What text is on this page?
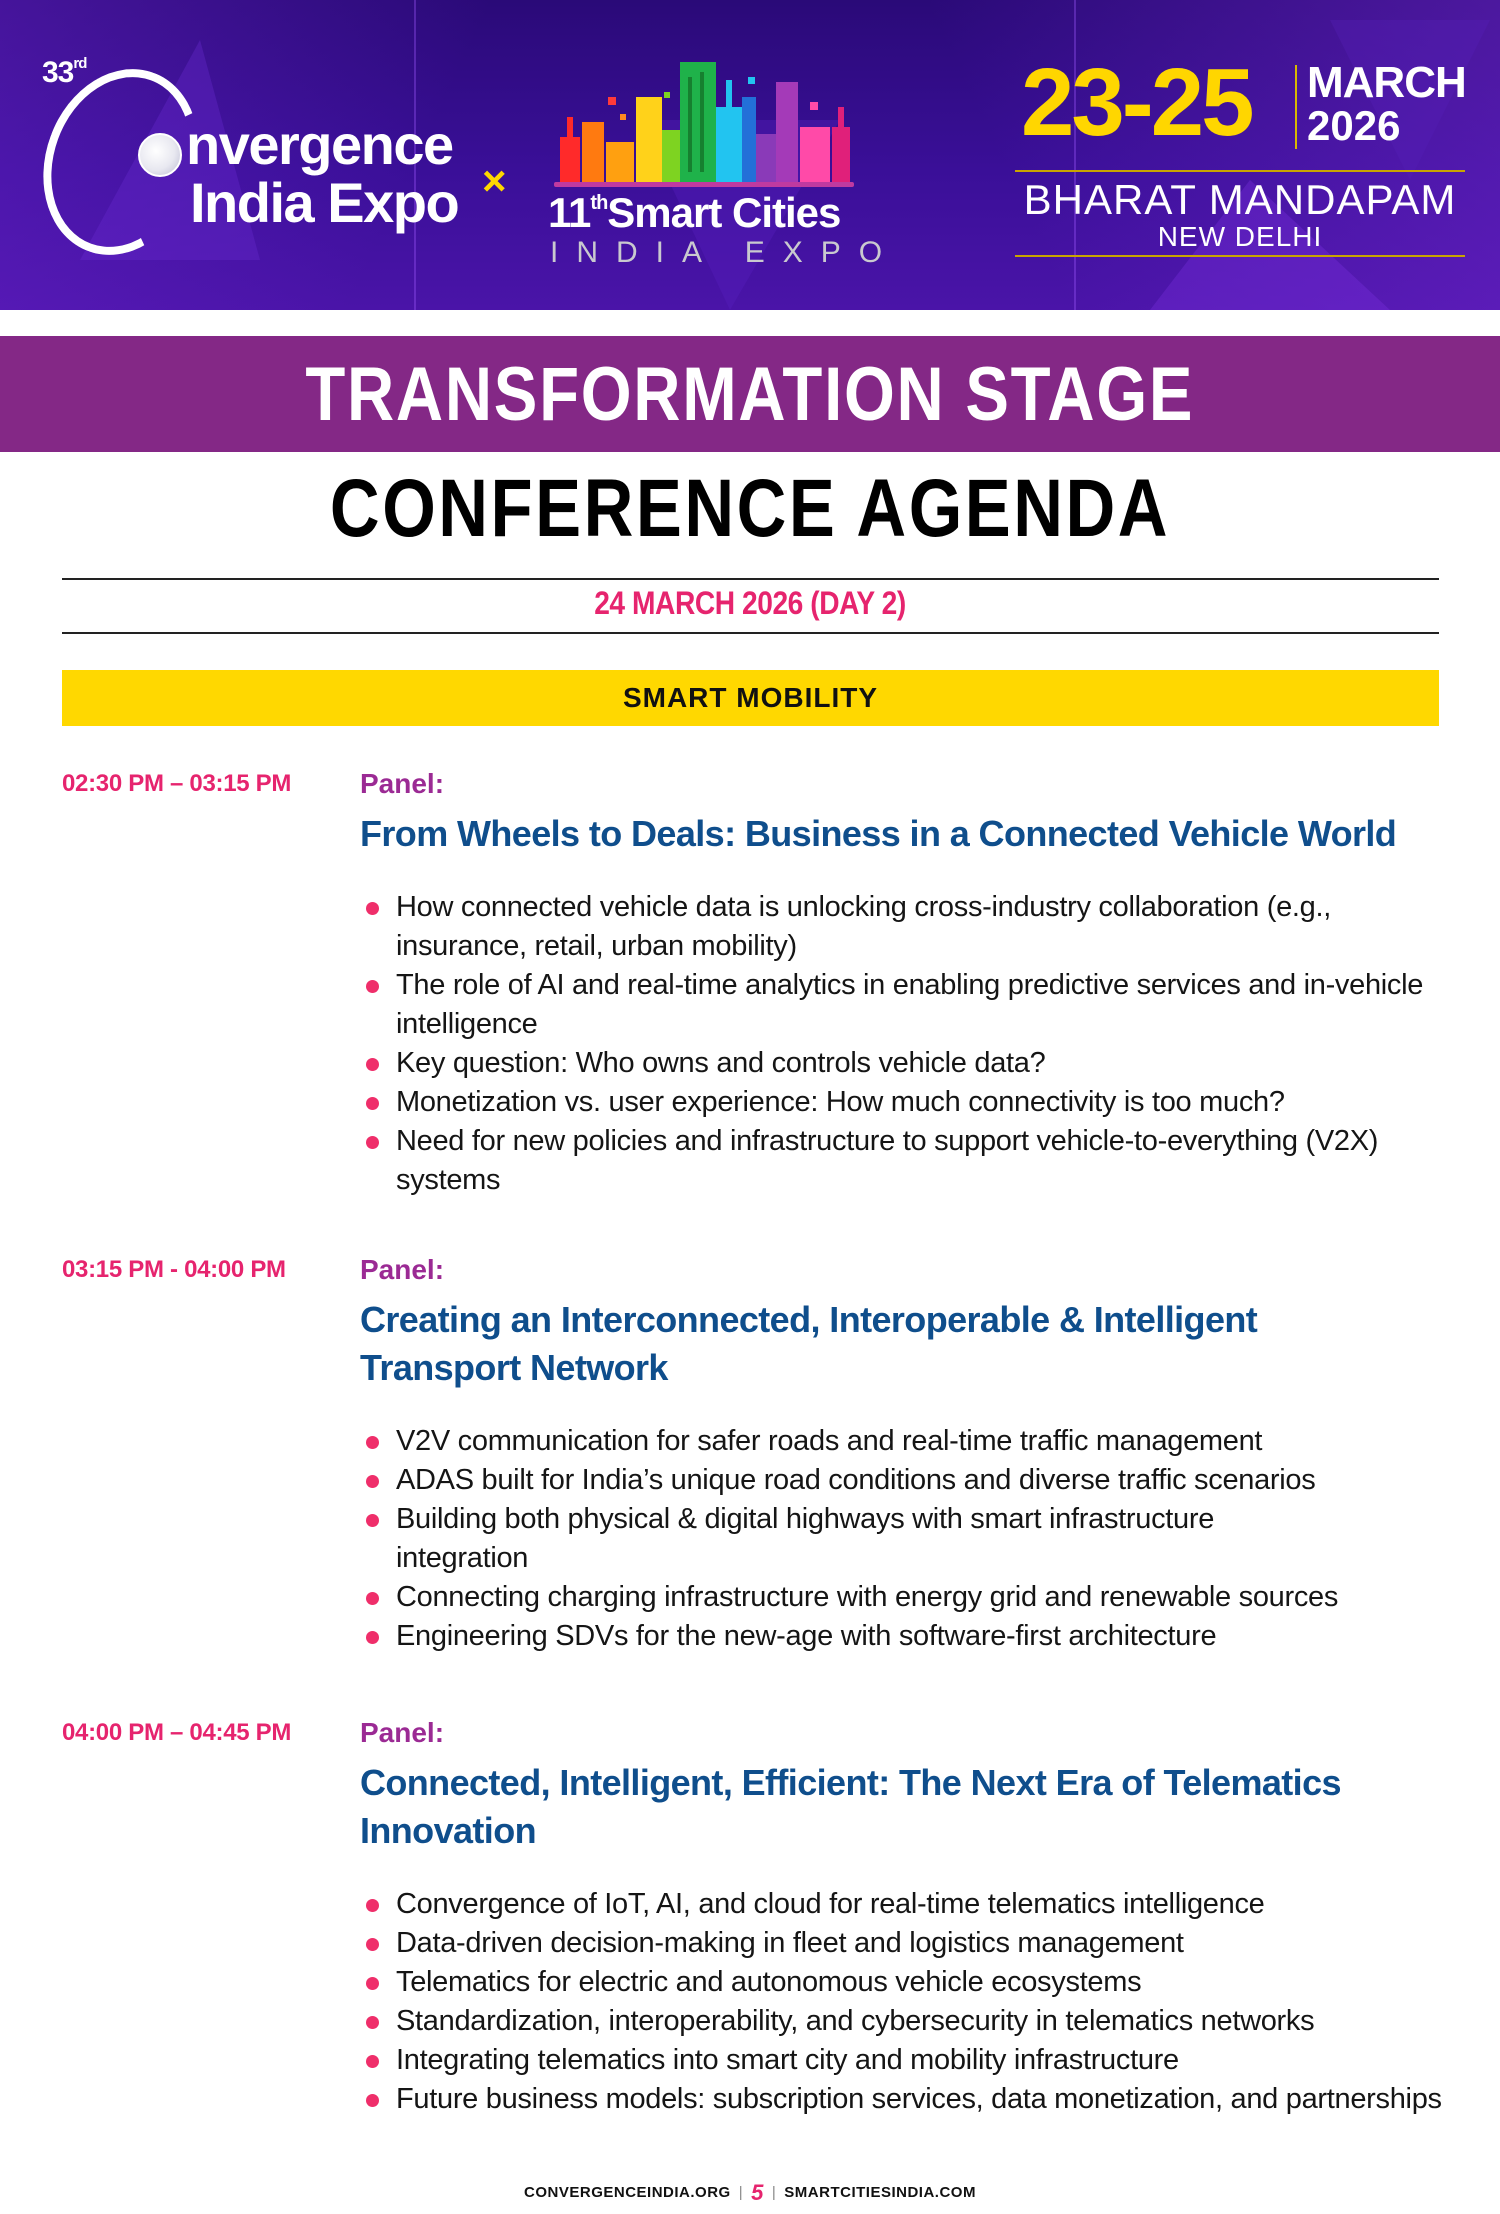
33rd
nvergence
India Expo ×
11thSmart Cities
INDIA EXPO
23-25 MARCH
2026
BHARAT MANDAPAM
NEW DELHI
TRANSFORMATION STAGE
CONFERENCE AGENDA
24 MARCH 2026 (DAY 2)
SMART MOBILITY
02:30 PM – 03:15 PM Panel:
From Wheels to Deals: Business in a Connected Vehicle World
How connected vehicle data is unlocking cross-industry collaboration (e.g., insurance, retail, urban mobility)
The role of AI and real-time analytics in enabling predictive services and in-vehicle intelligence
Key question: Who owns and controls vehicle data?
Monetization vs. user experience: How much connectivity is too much?
Need for new policies and infrastructure to support vehicle-to-everything (V2X) systems
03:15 PM - 04:00 PM	Panel:
Creating an Interconnected, Interoperable & Intelligent Transport Network
V2V communication for safer roads and real-time traffic management
ADAS built for India’s unique road conditions and diverse traffic scenarios
Building both physical & digital highways with smart infrastructure integration
Connecting charging infrastructure with energy grid and renewable sources
Engineering SDVs for the new-age with software-first architecture
04:00 PM – 04:45 PM Panel:
Connected, Intelligent, Efficient: The Next Era of Telematics Innovation
Convergence of IoT, AI, and cloud for real-time telematics intelligence
Data-driven decision-making in fleet and logistics management
Telematics for electric and autonomous vehicle ecosystems
Standardization, interoperability, and cybersecurity in telematics networks
Integrating telematics into smart city and mobility infrastructure
Future business models: subscription services, data monetization, and partnerships
CONVERGENCEINDIA.ORG | 5 | SMARTCITIESINDIA.COM
